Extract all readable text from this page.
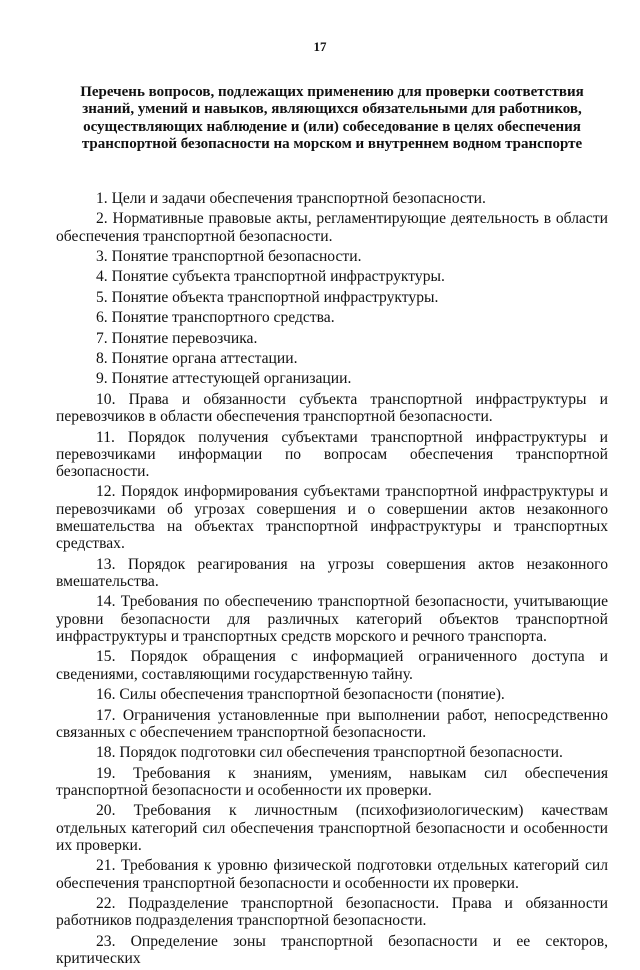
17
Перечень вопросов, подлежащих применению для проверки соответствия знаний, умений и навыков, являющихся обязательными для работников, осуществляющих наблюдение и (или) собеседование в целях обеспечения транспортной безопасности на морском и внутреннем водном транспорте

1. Цели и задачи обеспечения транспортной безопасности.

2. Нормативные правовые акты, регламентирующие деятельность в области обеспечения транспортной безопасности.

3. Понятие транспортной безопасности.

4. Понятие субъекта транспортной инфраструктуры.

5. Понятие объекта транспортной инфраструктуры.

6. Понятие транспортного средства.

7. Понятие перевозчика.

8. Понятие органа аттестации.

9. Понятие аттестующей организации.

10. Права и обязанности субъекта транспортной инфраструктуры и перевозчиков в области обеспечения транспортной безопасности.

11. Порядок получения субъектами транспортной инфраструктуры и перевозчиками информации по вопросам обеспечения транспортной безопасности.

12. Порядок информирования субъектами транспортной инфраструктуры и перевозчиками об угрозах совершения и о совершении актов незаконного вмешательства на объектах транспортной инфраструктуры и транспортных средствах.

13. Порядок реагирования на угрозы совершения актов незаконного вмешательства.

14. Требования по обеспечению транспортной безопасности, учитывающие уровни безопасности для различных категорий объектов транспортной инфраструктуры и транспортных средств морского и речного транспорта.

15. Порядок обращения с информацией ограниченного доступа и сведениями, составляющими государственную тайну.

16. Силы обеспечения транспортной безопасности (понятие).

17. Ограничения установленные при выполнении работ, непосредственно связанных с обеспечением транспортной безопасности.

18. Порядок подготовки сил обеспечения транспортной безопасности.

19. Требования к знаниям, умениям, навыкам сил обеспечения транспортной безопасности и особенности их проверки.

20. Требования к личностным (психофизиологическим) качествам отдельных категорий сил обеспечения транспортной безопасности и особенности их проверки.

21. Требования к уровню физической подготовки отдельных категорий сил обеспечения транспортной безопасности и особенности их проверки.

22. Подразделение транспортной безопасности. Права и обязанности работников подразделения транспортной безопасности.

23. Определение зоны транспортной безопасности и ее секторов, критических
